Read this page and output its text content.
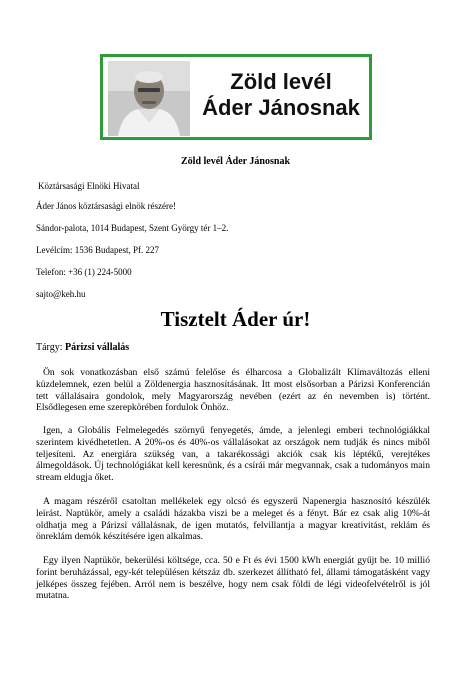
Zöld levél
Áder Jánosnak
Zöld levél Áder Jánosnak
Köztársasági Elnöki Hivatal
Áder János köztársasági elnök részére!
Sándor-palota, 1014 Budapest, Szent György tér 1–2.
Levélcím: 1536 Budapest, Pf. 227
Telefon: +36 (1) 224-5000
sajto@keh.hu
Tisztelt Áder úr!
Tárgy: Párizsi vállalás

Ön sok vonatkozásban első számú felelőse és élharcosa a Globalizált Klímaváltozás elleni küzdelemnek, ezen belül a Zöldenergia hasznosításának. Itt most elsősorban a Párizsi Konferencián tett vállalásaira gondolok, mely Magyarország nevében (ezért az én nevemben is) történt. Elsődlegesen eme szerepkörében fordulok Önhöz.

Igen, a Globális Felmelegedés szörnyű fenyegetés, ámde, a jelenlegi emberi technológiákkal szerintem kivédhetetlen. A 20%-os és 40%-os vállalásokat az országok nem tudják és nincs miből teljesíteni. Az energiára szükség van, a takarékossági akciók csak kis léptékű, verejtékes álmegoldások. Új technológiákat kell keresnünk, és a csírái már megvannak, csak a tudományos main stream eldugja őket.

A magam részéről csatoltan mellékelek egy olcsó és egyszerű Napenergia hasznosító készülék leírást. Naptükör, amely a családi házakba viszi be a meleget és a fényt. Bár ez csak alig 10%-át oldhatja meg a Párizsi vállalásnak, de igen mutatós, felvillantja a magyar kreativitást, reklám és önreklám demók készítésére igen alkalmas.

Egy ilyen Naptükör, bekerülési költsége, cca. 50 e Ft és évi 1500 kWh energiát gyűjt be. 10 millió forint beruházással, egy-két településen kétszáz db. szerkezet állítható fel, állami támogatásként vagy jelképes összeg fejében. Arról nem is beszélve, hogy nem csak földi de légi videofelvételről is jól mutatna.
